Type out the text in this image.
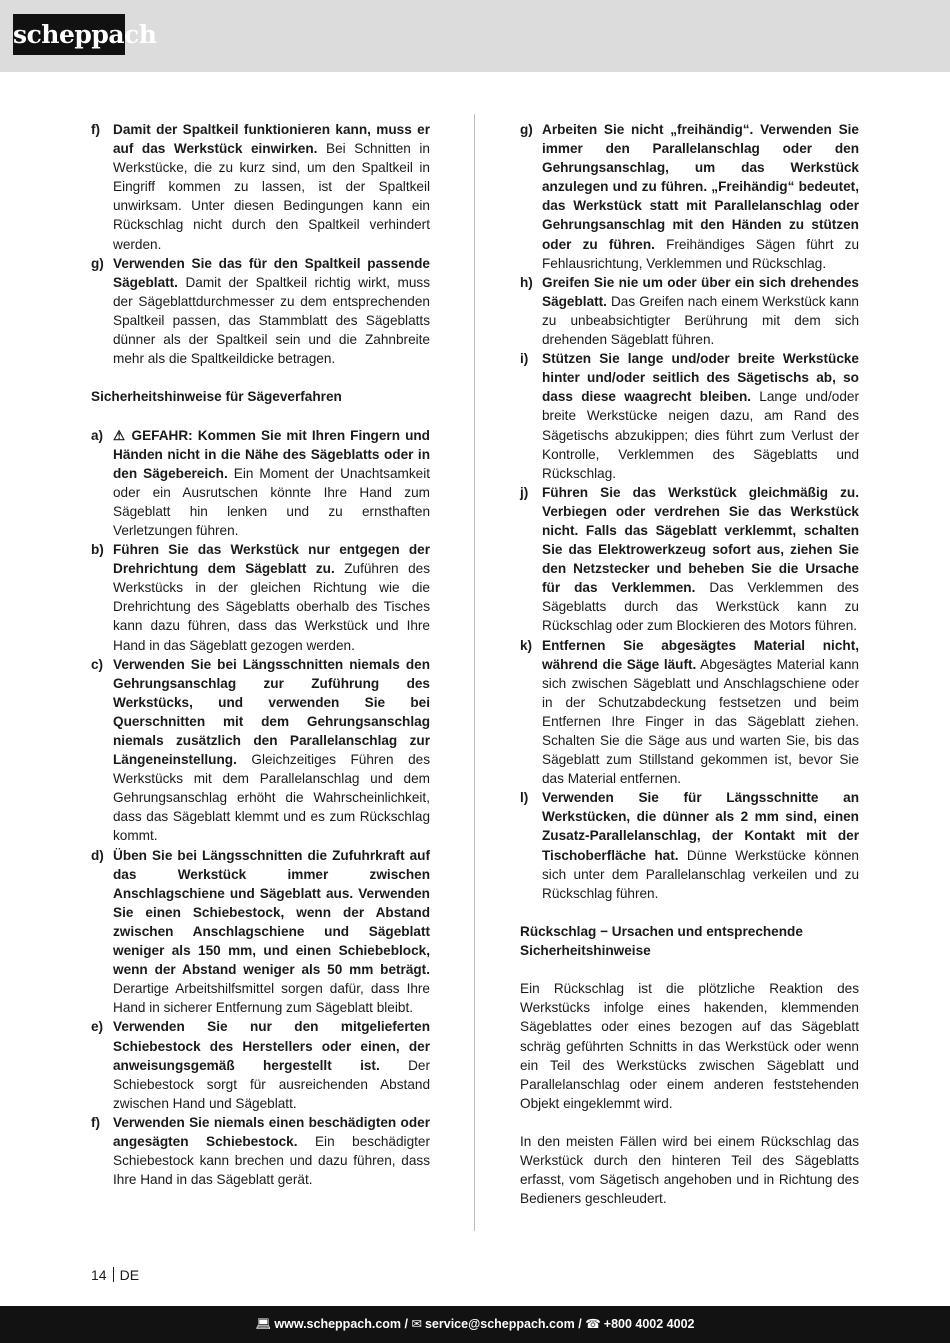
scheppach
f) Damit der Spaltkeil funktionieren kann, muss er auf das Werkstück einwirken. Bei Schnitten in Werkstücke, die zu kurz sind, um den Spaltkeil in Eingriff kommen zu lassen, ist der Spaltkeil unwirksam. Unter diesen Bedingungen kann ein Rückschlag nicht durch den Spaltkeil verhindert werden.
g) Verwenden Sie das für den Spaltkeil passende Sägeblatt. Damit der Spaltkeil richtig wirkt, muss der Sägeblattdurchmesser zu dem entsprechenden Spaltkeil passen, das Stammblatt des Sägeblatts dünner als der Spaltkeil sein und die Zahnbreite mehr als die Spaltkeildicke betragen.
Sicherheitshinweise für Sägeverfahren
a) ⚠ GEFAHR: Kommen Sie mit Ihren Fingern und Händen nicht in die Nähe des Sägeblatts oder in den Sägebereich. Ein Moment der Unachtsamkeit oder ein Ausrutschen könnte Ihre Hand zum Sägeblatt hin lenken und zu ernsthaften Verletzungen führen.
b) Führen Sie das Werkstück nur entgegen der Drehrichtung dem Sägeblatt zu. Zuführen des Werkstücks in der gleichen Richtung wie die Drehrichtung des Sägeblatts oberhalb des Tisches kann dazu führen, dass das Werkstück und Ihre Hand in das Sägeblatt gezogen werden.
c) Verwenden Sie bei Längsschnitten niemals den Gehrungsanschlag zur Zuführung des Werkstücks, und verwenden Sie bei Querschnitten mit dem Gehrungsanschlag niemals zusätzlich den Parallelanschlag zur Längeneinstellung. Gleichzeitiges Führen des Werkstücks mit dem Parallelanschlag und dem Gehrungsanschlag erhöht die Wahrscheinlichkeit, dass das Sägeblatt klemmt und es zum Rückschlag kommt.
d) Üben Sie bei Längsschnitten die Zufuhrkraft auf das Werkstück immer zwischen Anschlagschiene und Sägeblatt aus. Verwenden Sie einen Schiebestock, wenn der Abstand zwischen Anschlagschiene und Sägeblatt weniger als 150 mm, und einen Schiebeblock, wenn der Abstand weniger als 50 mm beträgt. Derartige Arbeitshilfsmittel sorgen dafür, dass Ihre Hand in sicherer Entfernung zum Sägeblatt bleibt.
e) Verwenden Sie nur den mitgelieferten Schiebestock des Herstellers oder einen, der anweisungsgemäß hergestellt ist. Der Schiebestock sorgt für ausreichenden Abstand zwischen Hand und Sägeblatt.
f) Verwenden Sie niemals einen beschädigten oder angesägten Schiebestock. Ein beschädigter Schiebestock kann brechen und dazu führen, dass Ihre Hand in das Sägeblatt gerät.
g) Arbeiten Sie nicht „freihändig“. Verwenden Sie immer den Parallelanschlag oder den Gehrungsanschlag, um das Werkstück anzulegen und zu führen. „Freihändig“ bedeutet, das Werkstück statt mit Parallelanschlag oder Gehrungsanschlag mit den Händen zu stützen oder zu führen. Freihändiges Sägen führt zu Fehlausrichtung, Verklemmen und Rückschlag.
h) Greifen Sie nie um oder über ein sich drehendes Sägeblatt. Das Greifen nach einem Werkstück kann zu unbeabsichtigter Berührung mit dem sich drehenden Sägeblatt führen.
i)	Stützen Sie lange und/oder breite Werkstücke hinter und/oder seitlich des Sägetischs ab, so dass diese waagrecht bleiben. Lange und/oder breite Werkstücke neigen dazu, am Rand des Sägetischs abzukippen; dies führt zum Verlust der Kontrolle, Verklemmen des Sägeblatts und Rückschlag.
j)	Führen Sie das Werkstück gleichmäßig zu. Verbiegen oder verdrehen Sie das Werkstück nicht. Falls das Sägeblatt verklemmt, schalten Sie das Elektrowerkzeug sofort aus, ziehen Sie den Netzstecker und beheben Sie die Ursache für das Verklemmen. Das Verklemmen des Sägeblatts durch das Werkstück kann zu Rückschlag oder zum Blockieren des Motors führen.
k) Entfernen Sie abgesägtes Material nicht, während die Säge läuft. Abgesägtes Material kann sich zwischen Sägeblatt und Anschlagschiene oder in der Schutzabdeckung festsetzen und beim Entfernen Ihre Finger in das Sägeblatt ziehen. Schalten Sie die Säge aus und warten Sie, bis das Sägeblatt zum Stillstand gekommen ist, bevor Sie das Material entfernen.
l)	Verwenden Sie für Längsschnitte an Werkstücken, die dünner als 2 mm sind, einen Zusatz-Parallelanschlag, der Kontakt mit der Tischoberfläche hat. Dünne Werkstücke können sich unter dem Parallelanschlag verkeilen und zu Rückschlag führen.
Rückschlag − Ursachen und entsprechende Sicherheitshinweise
Ein Rückschlag ist die plötzliche Reaktion des Werkstücks infolge eines hakenden, klemmenden Sägeblattes oder eines bezogen auf das Sägeblatt schräg geführten Schnitts in das Werkstück oder wenn ein Teil des Werkstücks zwischen Sägeblatt und Parallelanschlag oder einem anderen feststehenden Objekt eingeklemmt wird.
In den meisten Fällen wird bei einem Rückschlag das Werkstück durch den hinteren Teil des Sägeblatts erfasst, vom Sägetisch angehoben und in Richtung des Bedieners geschleudert.
14 DE
💻︎ www.scheppach.com / ✉︎ service@scheppach.com / ☎︎ +800 4002 4002
